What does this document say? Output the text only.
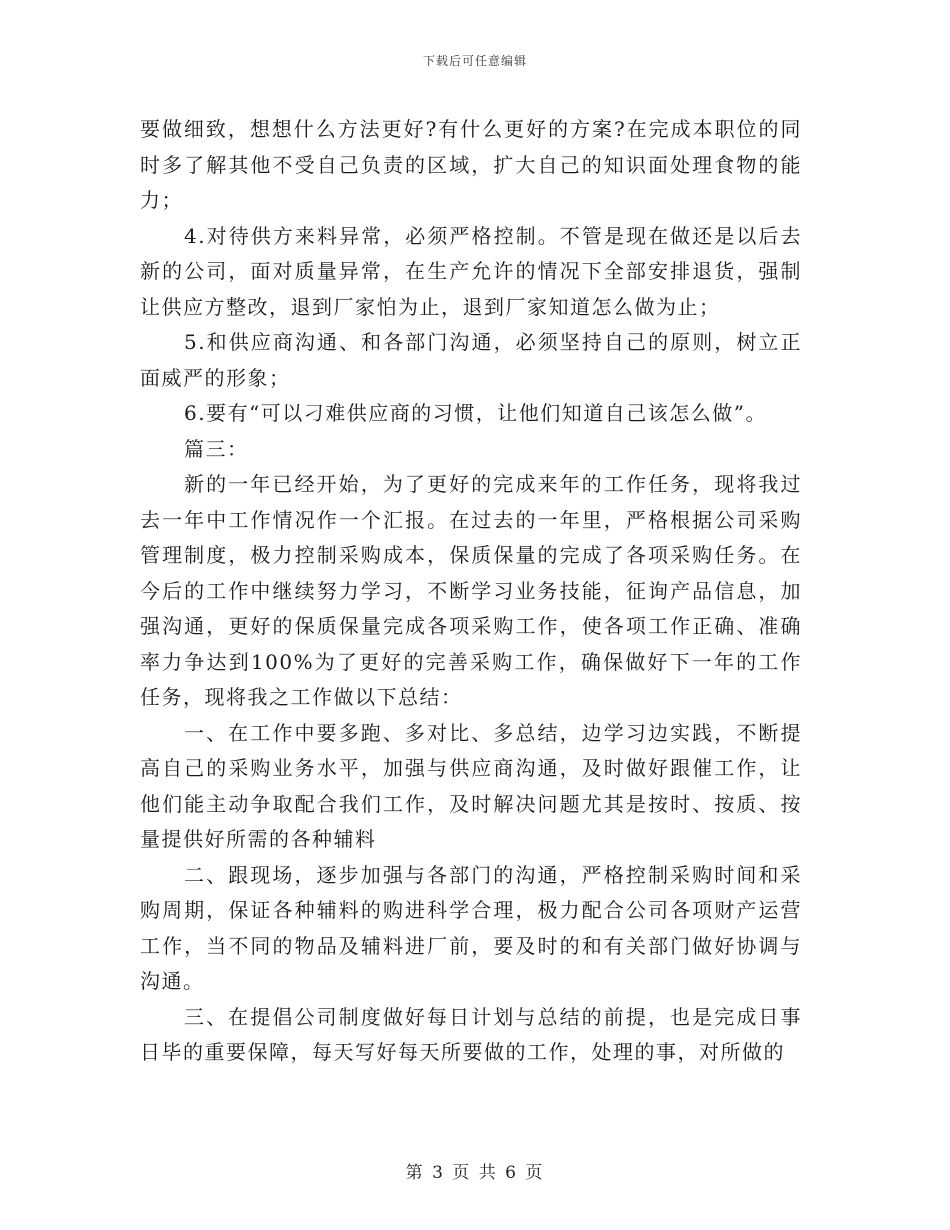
下载后可任意编辑

要做细致，想想什么方法更好?有什么更好的方案?在完成本职位的同时多了解其他不受自己负责的区域，扩大自己的知识面处理食物的能力；

4.对待供方来料异常，必须严格控制。不管是现在做还是以后去新的公司，面对质量异常，在生产允许的情况下全部安排退货，强制让供应方整改，退到厂家怕为止，退到厂家知道怎么做为止；

5.和供应商沟通、和各部门沟通，必须坚持自己的原则，树立正面威严的形象；

6.要有“可以刁难供应商的习惯，让他们知道自己该怎么做”。

篇三：

新的一年已经开始，为了更好的完成来年的工作任务，现将我过去一年中工作情况作一个汇报。在过去的一年里，严格根据公司采购管理制度，极力控制采购成本，保质保量的完成了各项采购任务。在今后的工作中继续努力学习，不断学习业务技能，征询产品信息，加强沟通，更好的保质保量完成各项采购工作，使各项工作正确、准确率力争达到100%为了更好的完善采购工作，确保做好下一年的工作任务，现将我之工作做以下总结：

一、在工作中要多跑、多对比、多总结，边学习边实践，不断提高自己的采购业务水平，加强与供应商沟通，及时做好跟催工作，让他们能主动争取配合我们工作，及时解决问题尤其是按时、按质、按量提供好所需的各种辅料

二、跟现场，逐步加强与各部门的沟通，严格控制采购时间和采购周期，保证各种辅料的购进科学合理，极力配合公司各项财产运营工作，当不同的物品及辅料进厂前，要及时的和有关部门做好协调与沟通。

三、在提倡公司制度做好每日计划与总结的前提，也是完成日事日毕的重要保障，每天写好每天所要做的工作，处理的事，对所做的

第 3 页 共 6 页
